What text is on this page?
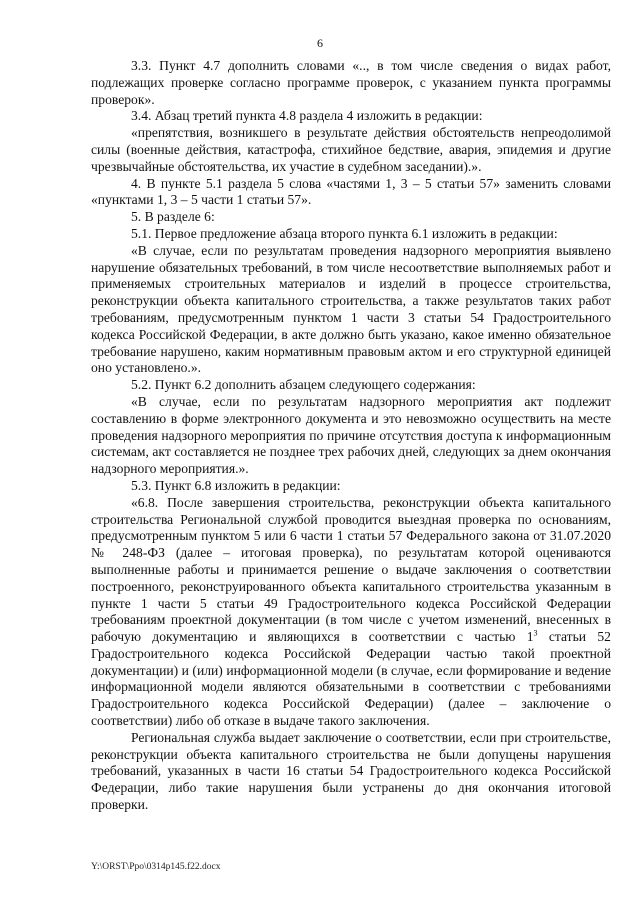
6

3.3. Пункт 4.7 дополнить словами «.., в том числе сведения о видах работ, подлежащих проверке согласно программе проверок, с указанием пункта программы проверок».

3.4. Абзац третий пункта 4.8 раздела 4 изложить в редакции:

«препятствия, возникшего в результате действия обстоятельств непреодолимой силы (военные действия, катастрофа, стихийное бедствие, авария, эпидемия и другие чрезвычайные обстоятельства, их участие в судебном заседании).».

4. В пункте 5.1 раздела 5 слова «частями 1, 3 – 5 статьи 57» заменить словами «пунктами 1, 3 – 5 части 1 статьи 57».

5. В разделе 6:

5.1. Первое предложение абзаца второго пункта 6.1 изложить в редакции:

«В случае, если по результатам проведения надзорного мероприятия выявлено нарушение обязательных требований, в том числе несоответствие выполняемых работ и применяемых строительных материалов и изделий в процессе строительства, реконструкции объекта капитального строительства, а также результатов таких работ требованиям, предусмотренным пунктом 1 части 3 статьи 54 Градостроительного кодекса Российской Федерации, в акте должно быть указано, какое именно обязательное требование нарушено, каким нормативным правовым актом и его структурной единицей оно установлено.».

5.2. Пункт 6.2 дополнить абзацем следующего содержания:

«В случае, если по результатам надзорного мероприятия акт подлежит составлению в форме электронного документа и это невозможно осуществить на месте проведения надзорного мероприятия по причине отсутствия доступа к информационным системам, акт составляется не позднее трех рабочих дней, следующих за днем окончания надзорного мероприятия.».

5.3. Пункт 6.8 изложить в редакции:

«6.8. После завершения строительства, реконструкции объекта капитального строительства Региональной службой проводится выездная проверка по основаниям, предусмотренным пунктом 5 или 6 части 1 статьи 57 Федерального закона от 31.07.2020 № 248-ФЗ (далее – итоговая проверка), по результатам которой оцениваются выполненные работы и принимается решение о выдаче заключения о соответствии построенного, реконструированного объекта капитального строительства указанным в пункте 1 части 5 статьи 49 Градостроительного кодекса Российской Федерации требованиям проектной документации (в том числе с учетом изменений, внесенных в рабочую документацию и являющихся в соответствии с частью $1^3$ статьи 52 Градостроительного кодекса Российской Федерации частью такой проектной документации) и (или) информационной модели (в случае, если формирование и ведение информационной модели являются обязательными в соответствии с требованиями Градостроительного кодекса Российской Федерации) (далее – заключение о соответствии) либо об отказе в выдаче такого заключения.

Региональная служба выдает заключение о соответствии, если при строительстве, реконструкции объекта капитального строительства не были допущены нарушения требований, указанных в части 16 статьи 54 Градостроительного кодекса Российской Федерации, либо такие нарушения были устранены до дня окончания итоговой проверки.

Y:\ORST\Ppo\0314p145.f22.docx
